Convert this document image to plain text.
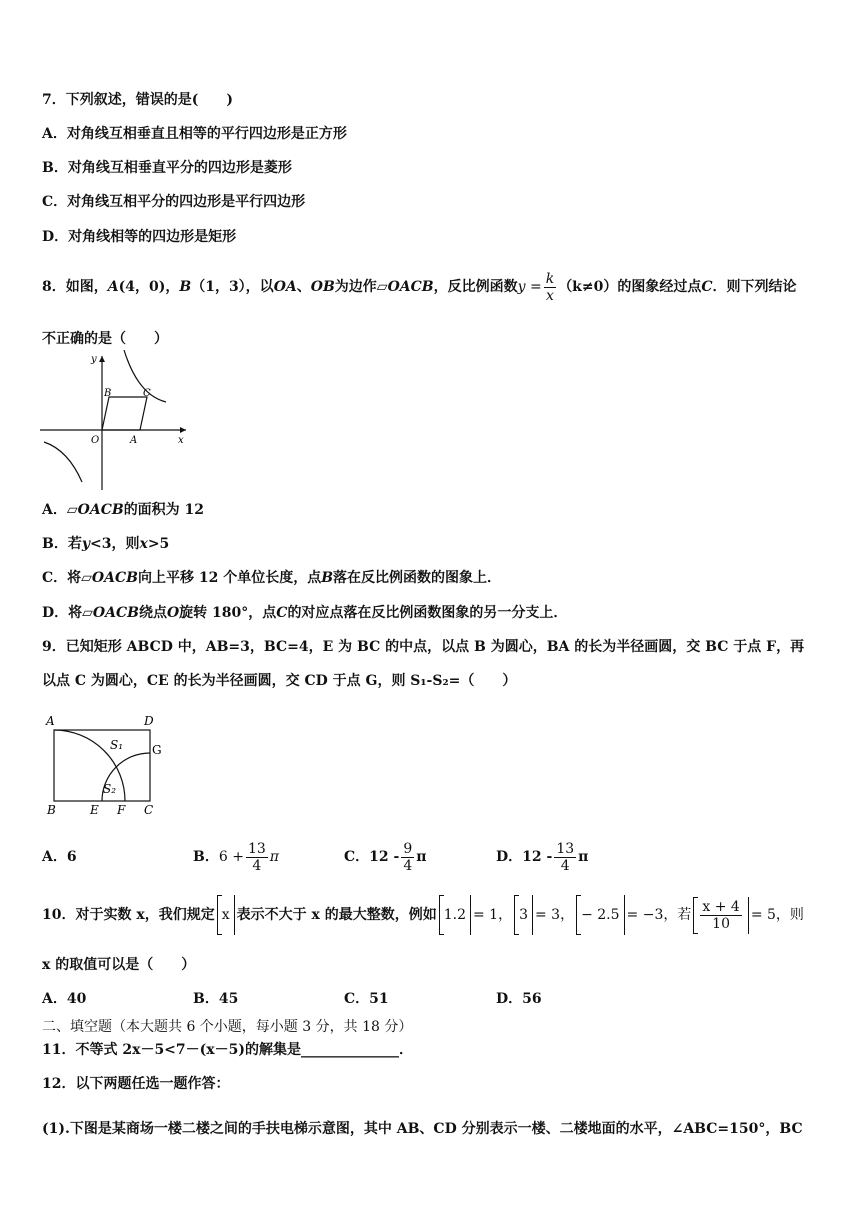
7．下列叙述，错误的是(　　)
A．对角线互相垂直且相等的平行四边形是正方形
B．对角线互相垂直平分的四边形是菱形
C．对角线互相平分的四边形是平行四边形
D．对角线相等的四边形是矩形
8．如图，A(4，0)，B（1，3），以OA、OB为边作▱OACB，反比例函数$y = \frac{k}{x} (k\ne 0)$的图象经过点C．则下列结论
不正确的是（　　）
y
x
O	A
B	C
A．▱OACB的面积为 12
B．若y<3，则x>5
C．将▱OACB向上平移 12 个单位长度，点B落在反比例函数的图象上．
D．将▱OACB绕点O旋转 180°，点C的对应点落在反比例函数图象的另一分支上．
9．已知矩形 ABCD 中，AB=3，BC=4，E 为 BC 的中点，以点 B 为圆心，BA 的长为半径画圆，交 BC 于点 F，再
以点 C 为圆心，CE 的长为半径画圆，交 CD 于点 G，则 S₁-S₂=（　　）
A	D
B	E F C
G
S₁
S₂
A．6	B．$6 + \frac{13}{4}$ π	C．$12 - \frac{9}{4}$ π	D．$12 - \frac{13}{4}$ π
10．对于实数 x，我们规定 x 表示不大于 x 的最大整数，例如 1.2 = 1， 3 = 3， − 2.5 = −3，若 $\frac{x + 4}{10} = 5$，则
x 的取值可以是（　　）
A．40	B．45	C．51	D．56
二、填空题（本大题共 6 个小题，每小题 3 分，共 18 分）
11．不等式 2x－5<7－(x－5)的解集是______________．
12．以下两题任选一题作答：
(1).下图是某商场一楼二楼之间的手扶电梯示意图，其中 AB、CD 分别表示一楼、二楼地面的水平，∠ABC=150°，BC
